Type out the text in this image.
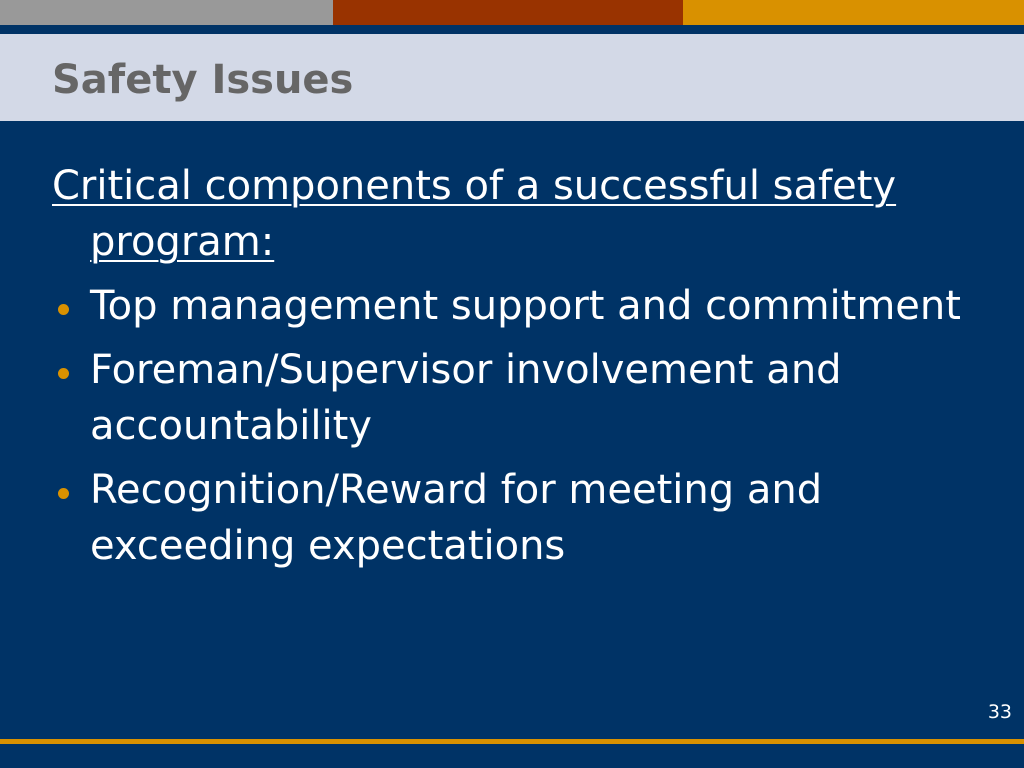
Safety Issues

Critical components of a successful safety program:

Top management support and commitment
Foreman/Supervisor involvement and accountability
Recognition/Reward for meeting and exceeding expectations
33
